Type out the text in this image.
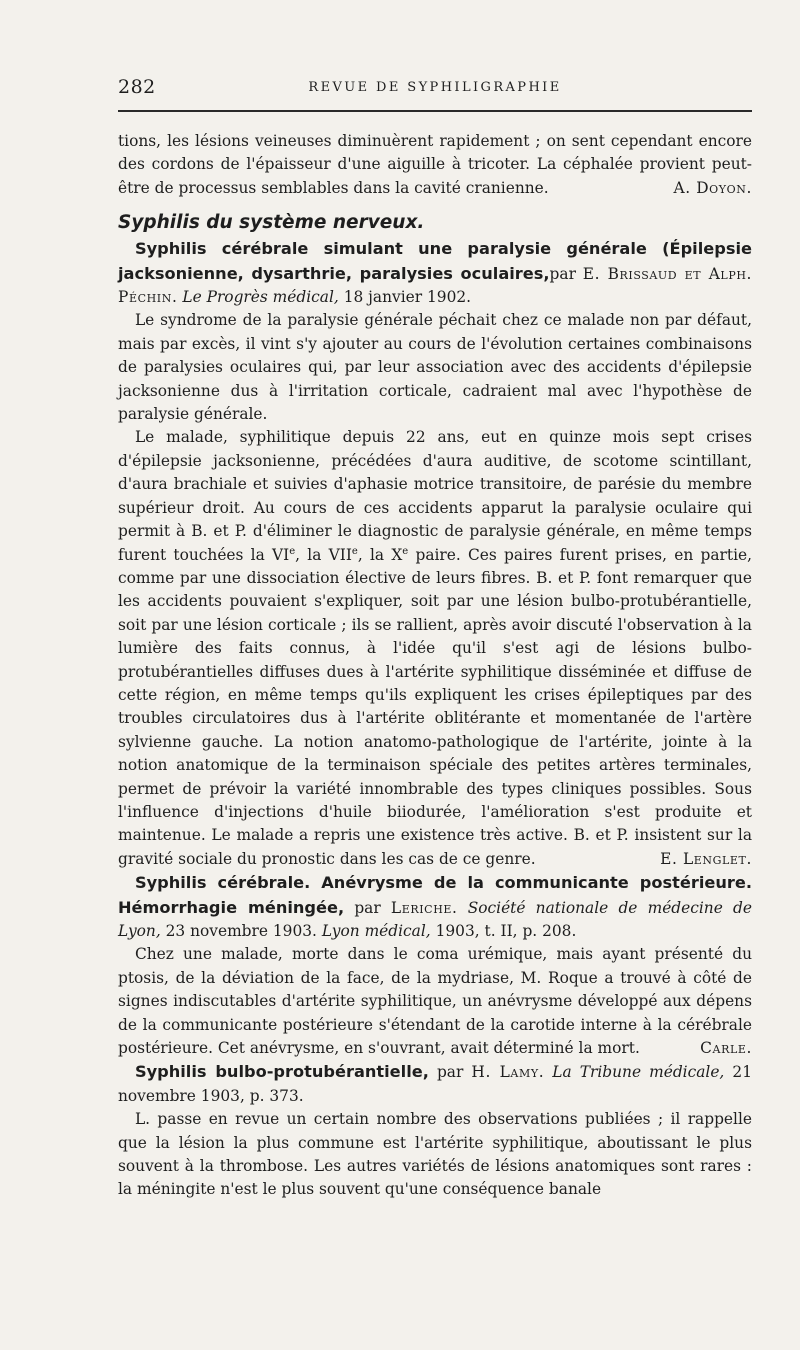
282	REVUE DE SYPHILIGRAPHIE

tions, les lésions veineuses diminuèrent rapidement ; on sent cependant encore des cordons de l'épaisseur d'une aiguille à tricoter. La céphalée provient peut-être de processus semblables dans la cavité cranienne.	A. Doyon.

Syphilis du système nerveux.

Syphilis cérébrale simulant une paralysie générale (Épilepsie jacksonienne, dysarthrie, paralysies oculaires,par E. Brissaud et Alph. Péchin. Le Progrès médical, 18 janvier 1902.

Le syndrome de la paralysie générale péchait chez ce malade non par défaut, mais par excès, il vint s'y ajouter au cours de l'évolution certaines combinaisons de paralysies oculaires qui, par leur association avec des accidents d'épilepsie jacksonienne dus à l'irritation corticale, cadraient mal avec l'hypothèse de paralysie générale.

Le malade, syphilitique depuis 22 ans, eut en quinze mois sept crises d'épilepsie jacksonienne, précédées d'aura auditive, de scotome scintillant, d'aura brachiale et suivies d'aphasie motrice transitoire, de parésie du membre supérieur droit. Au cours de ces accidents apparut la paralysie oculaire qui permit à B. et P. d'éliminer le diagnostic de paralysie générale, en même temps furent touchées la VIe, la VIIe, la Xe paire. Ces paires furent prises, en partie, comme par une dissociation élective de leurs fibres. B. et P. font remarquer que les accidents pouvaient s'expliquer, soit par une lésion bulbo-protubérantielle, soit par une lésion corticale ; ils se rallient, après avoir discuté l'observation à la lumière des faits connus, à l'idée qu'il s'est agi de lésions bulbo-protubérantielles diffuses dues à l'artérite syphilitique disséminée et diffuse de cette région, en même temps qu'ils expliquent les crises épileptiques par des troubles circulatoires dus à l'artérite oblitérante et momentanée de l'artère sylvienne gauche. La notion anatomo-pathologique de l'artérite, jointe à la notion anatomique de la terminaison spéciale des petites artères terminales, permet de prévoir la variété innombrable des types cliniques possibles. Sous l'influence d'injections d'huile biiodurée, l'amélioration s'est produite et maintenue. Le malade a repris une existence très active. B. et P. insistent sur la gravité sociale du pronostic dans les cas de ce genre.	E. Lenglet.

Syphilis cérébrale. Anévrysme de la communicante postérieure. Hémorrhagie méningée, par Leriche. Société nationale de médecine de Lyon, 23 novembre 1903. Lyon médical, 1903, t. II, p. 208.

Chez une malade, morte dans le coma urémique, mais ayant présenté du ptosis, de la déviation de la face, de la mydriase, M. Roque a trouvé à côté de signes indiscutables d'artérite syphilitique, un anévrysme développé aux dépens de la communicante postérieure s'étendant de la carotide interne à la cérébrale postérieure. Cet anévrysme, en s'ouvrant, avait déterminé la mort.	Carle.

Syphilis bulbo-protubérantielle, par H. Lamy. La Tribune médicale, 21 novembre 1903, p. 373.

L. passe en revue un certain nombre des observations publiées ; il rappelle que la lésion la plus commune est l'artérite syphilitique, aboutissant le plus souvent à la thrombose. Les autres variétés de lésions anatomiques sont rares : la méningite n'est le plus souvent qu'une conséquence banale
